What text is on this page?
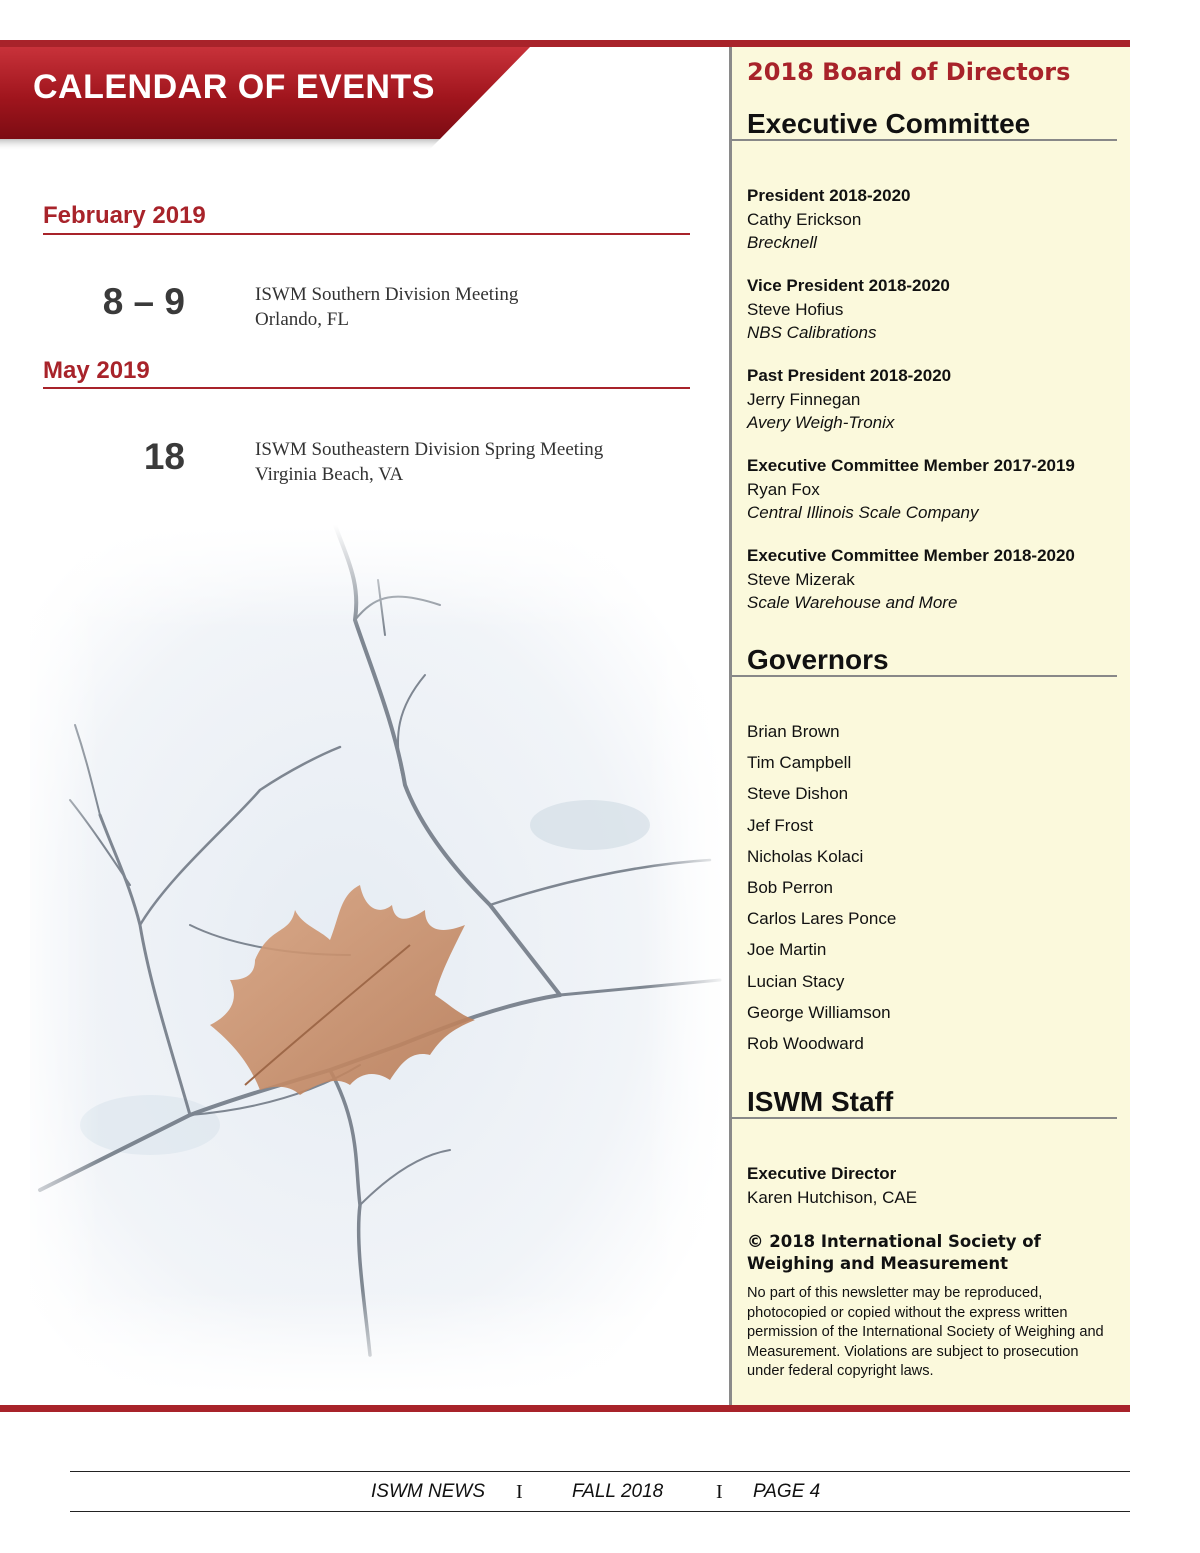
CALENDAR OF EVENTS
February 2019
8 – 9	ISWM Southern Division Meeting
Orlando, FL
May 2019
18	ISWM Southeastern Division Spring Meeting
Virginia Beach, VA
2018 Board of Directors
Executive Committee
President 2018-2020
Cathy Erickson
Brecknell
Vice President 2018-2020
Steve Hofius
NBS Calibrations
Past President 2018-2020
Jerry Finnegan
Avery Weigh-Tronix
Executive Committee Member 2017-2019
Ryan Fox
Central Illinois Scale Company
Executive Committee Member 2018-2020
Steve Mizerak
Scale Warehouse and More
Governors
Brian Brown
Tim Campbell
Steve Dishon
Jef Frost
Nicholas Kolaci
Bob Perron
Carlos Lares Ponce
Joe Martin
Lucian Stacy
George Williamson
Rob Woodward
ISWM Staff
Executive Director
Karen Hutchison, CAE
© 2018 International Society of Weighing and Measurement
No part of this newsletter may be reproduced, photocopied or copied without the express written permission of the International Society of Weighing and Measurement. Violations are subject to prosecution under federal copyright laws.
ISWM NEWS I	FALL 2018	I PAGE 4
